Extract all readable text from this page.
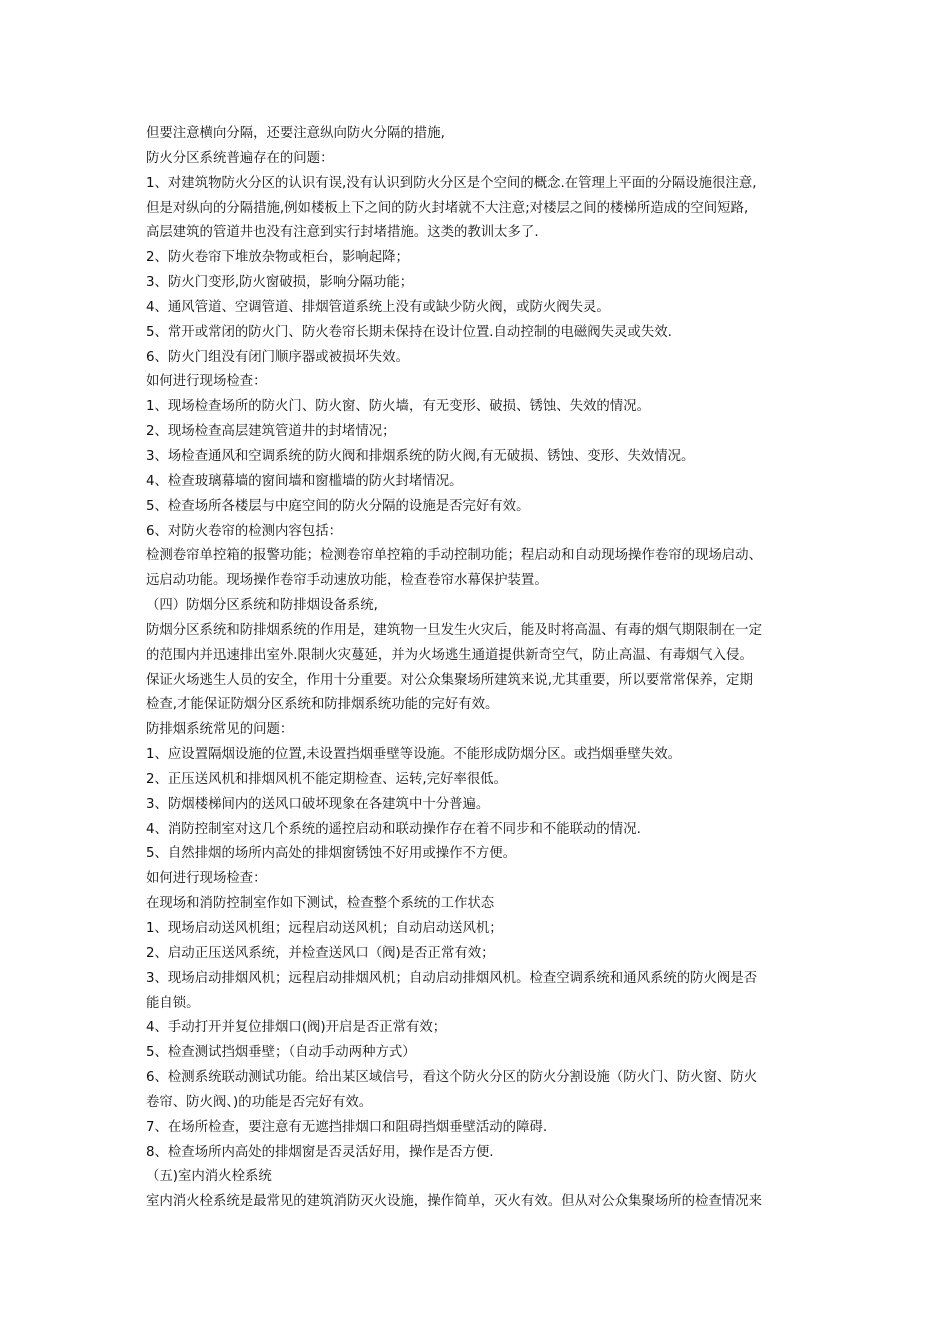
但要注意横向分隔，还要注意纵向防火分隔的措施,
防火分区系统普遍存在的问题：
1、对建筑物防火分区的认识有误,没有认识到防火分区是个空间的概念.在管理上平面的分隔设施很注意,
但是对纵向的分隔措施,例如楼板上下之间的防火封堵就不大注意;对楼层之间的楼梯所造成的空间短路,
高层建筑的管道井也没有注意到实行封堵措施。这类的教训太多了.
2、防火卷帘下堆放杂物或柜台，影响起降；
3、防火门变形,防火窗破损，影响分隔功能；
4、通风管道、空调管道、排烟管道系统上没有或缺少防火阀，或防火阀失灵。
5、常开或常闭的防火门、防火卷帘长期未保持在设计位置.自动控制的电磁阀失灵或失效.
6、防火门组没有闭门顺序器或被损坏失效。
如何进行现场检查：
1、现场检查场所的防火门、防火窗、防火墙，有无变形、破损、锈蚀、失效的情况。
2、现场检查高层建筑管道井的封堵情况；
3、场检查通风和空调系统的防火阀和排烟系统的防火阀,有无破损、锈蚀、变形、失效情况。
4、检查玻璃幕墙的窗间墙和窗槛墙的防火封堵情况。
5、检查场所各楼层与中庭空间的防火分隔的设施是否完好有效。
6、对防火卷帘的检测内容包括：
检测卷帘单控箱的报警功能；检测卷帘单控箱的手动控制功能；程启动和自动现场操作卷帘的现场启动、
远启动功能。现场操作卷帘手动速放功能，检查卷帘水幕保护装置。
（四）防烟分区系统和防排烟设备系统,
防烟分区系统和防排烟系统的作用是，建筑物一旦发生火灾后，能及时将高温、有毒的烟气期限制在一定
的范围内并迅速排出室外.限制火灾蔓延，并为火场逃生通道提供新奇空气，防止高温、有毒烟气入侵。
保证火场逃生人员的安全，作用十分重要。对公众集聚场所建筑来说,尤其重要，所以要常常保养，定期
检查,才能保证防烟分区系统和防排烟系统功能的完好有效。
防排烟系统常见的问题：
1、应设置隔烟设施的位置,未设置挡烟垂壁等设施。不能形成防烟分区。或挡烟垂壁失效。
2、正压送风机和排烟风机不能定期检查、运转,完好率很低。
3、防烟楼梯间内的送风口破坏现象在各建筑中十分普遍。
4、消防控制室对这几个系统的遥控启动和联动操作存在着不同步和不能联动的情况.
5、自然排烟的场所内高处的排烟窗锈蚀不好用或操作不方便。
如何进行现场检查：
在现场和消防控制室作如下测试，检查整个系统的工作状态
1、现场启动送风机组；远程启动送风机；自动启动送风机；
2、启动正压送风系统，并检查送风口（阀)是否正常有效；
3、现场启动排烟风机；远程启动排烟风机；自动启动排烟风机。检查空调系统和通风系统的防火阀是否
能自锁。
4、手动打开并复位排烟口(阀)开启是否正常有效；
5、检查测试挡烟垂壁；（自动手动两种方式）
6、检测系统联动测试功能。给出某区域信号，看这个防火分区的防火分割设施（防火门、防火窗、防火
卷帘、防火阀、)的功能是否完好有效。
7、在场所检查，要注意有无遮挡排烟口和阻碍挡烟垂壁活动的障碍.
8、检查场所内高处的排烟窗是否灵活好用，操作是否方便.
（五)室内消火栓系统
室内消火栓系统是最常见的建筑消防灭火设施，操作简单，灭火有效。但从对公众集聚场所的检查情况来
